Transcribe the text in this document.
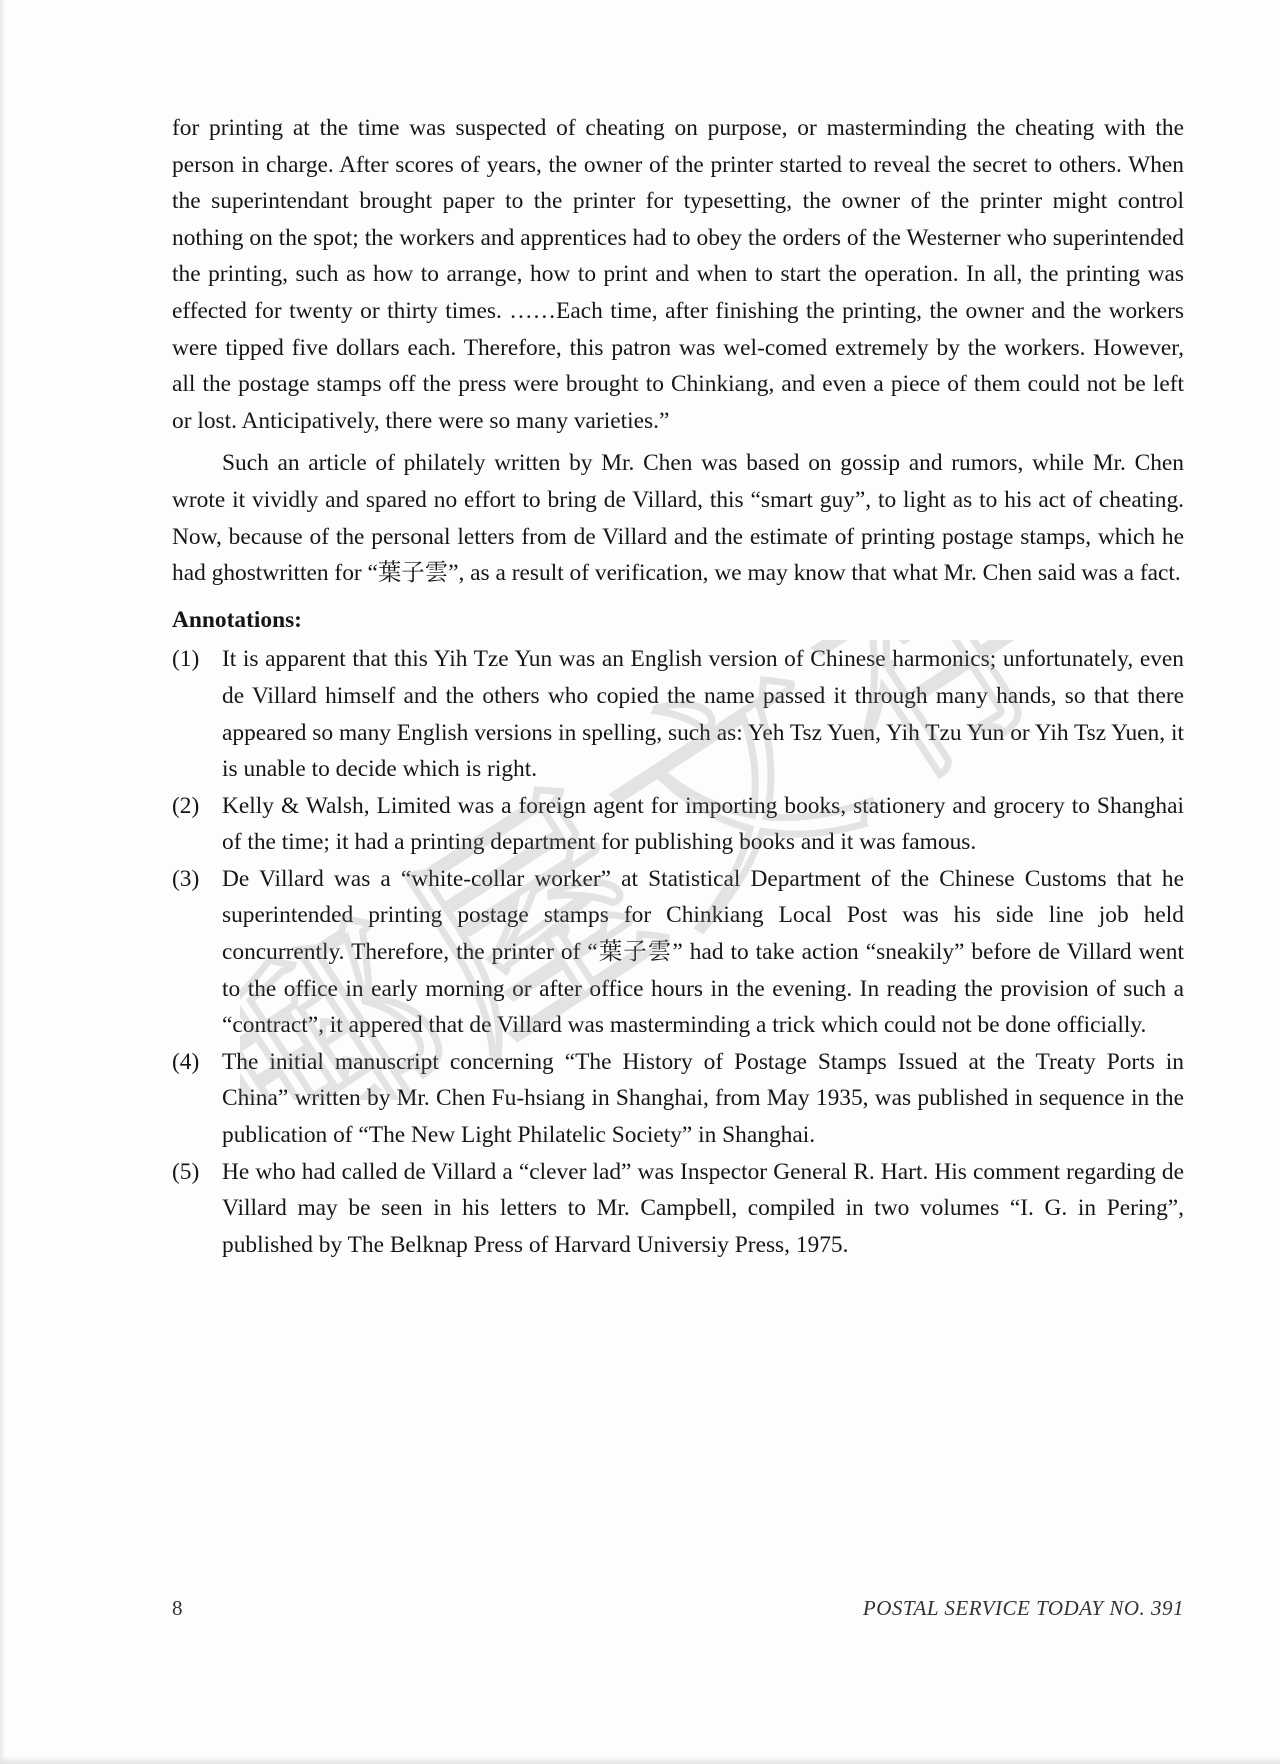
for printing at the time was suspected of cheating on purpose, or masterminding the cheating with the person in charge. After scores of years, the owner of the printer started to reveal the secret to others. When the superintendant brought paper to the printer for typesetting, the owner of the printer might control nothing on the spot; the workers and apprentices had to obey the orders of the Westerner who superintended the printing, such as how to arrange, how to print and when to start the operation. In all, the printing was effected for twenty or thirty times. ……Each time, after finishing the printing, the owner and the workers were tipped five dollars each. Therefore, this patron was wel-comed extremely by the workers. However, all the postage stamps off the press were brought to Chinkiang, and even a piece of them could not be left or lost. Anticipatively, there were so many varieties.”

Such an article of philately written by Mr. Chen was based on gossip and rumors, while Mr. Chen wrote it vividly and spared no effort to bring de Villard, this “smart guy”, to light as to his act of cheating. Now, because of the personal letters from de Villard and the estimate of printing postage stamps, which he had ghostwritten for “葉子雲”, as a result of verification, we may know that what Mr. Chen said was a fact.

Annotations:
(1) It is apparent that this Yih Tze Yun was an English version of Chinese harmonics; unfortunately, even de Villard himself and the others who copied the name passed it through many hands, so that there appeared so many English versions in spelling, such as: Yeh Tsz Yuen, Yih Tzu Yun or Yih Tsz Yuen, it is unable to decide which is right.
(2) Kelly & Walsh, Limited was a foreign agent for importing books, stationery and grocery to Shanghai of the time; it had a printing department for publishing books and it was famous.
(3) De Villard was a “white-collar worker” at Statistical Department of the Chinese Customs that he superintended printing postage stamps for Chinkiang Local Post was his side line job held concurrently. Therefore, the printer of “葉子雲” had to take action “sneakily” before de Villard went to the office in early morning or after office hours in the evening. In reading the provision of such a “contract”, it appered that de Villard was masterminding a trick which could not be done officially.
(4) The initial manuscript concerning “The History of Postage Stamps Issued at the Treaty Ports in China” written by Mr. Chen Fu-hsiang in Shanghai, from May 1935, was published in sequence in the publication of “The New Light Philatelic Society” in Shanghai.
(5) He who had called de Villard a “clever lad” was Inspector General R. Hart. His comment regarding de Villard may be seen in his letters to Mr. Campbell, compiled in two volumes “I. G. in Pering”, published by The Belknap Press of Harvard Universiy Press, 1975.
8	POSTAL SERVICE TODAY NO. 391
郵屋文存
